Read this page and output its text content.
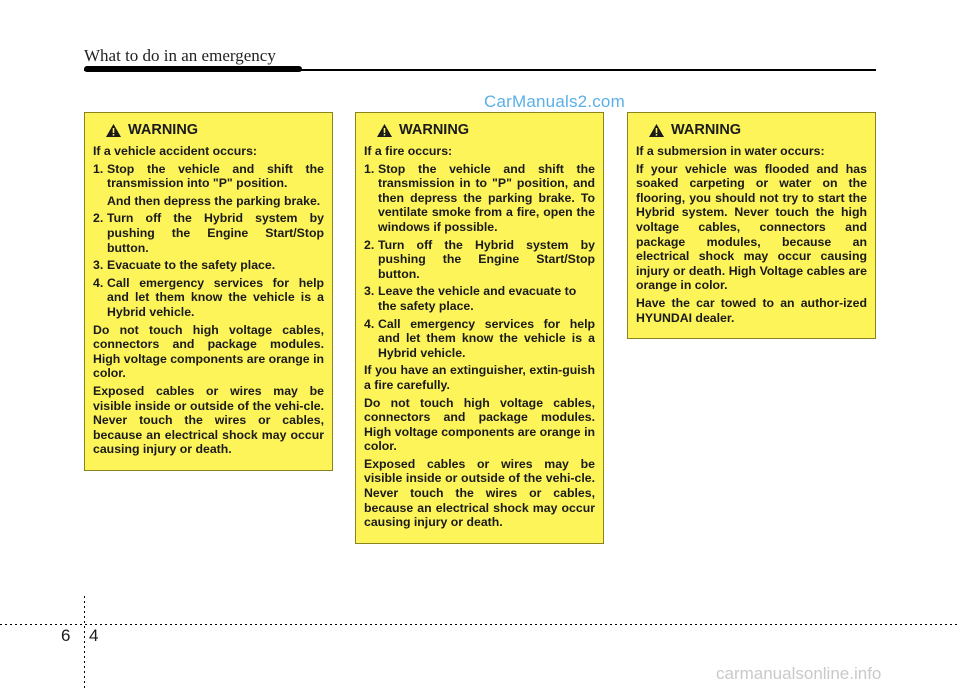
What to do in an emergency
CarManuals2.com
WARNING

If a vehicle accident occurs:

1. Stop the vehicle and shift the transmission into "P" position.
And then depress the parking brake.
2. Turn off the Hybrid system by pushing the Engine Start/Stop button.
3. Evacuate to the safety place.
4. Call emergency services for help and let them know the vehicle is a Hybrid vehicle.

Do not touch high voltage cables, connectors and package modules. High voltage components are orange in color.

Exposed cables or wires may be visible inside or outside of the vehi-cle. Never touch the wires or cables, because an electrical shock may occur causing injury or death.

WARNING

If a fire occurs:

1. Stop the vehicle and shift the transmission in to "P" position, and then depress the parking brake. To ventilate smoke from a fire, open the windows if possible.
2. Turn off the Hybrid system by pushing the Engine Start/Stop button.
3. Leave the vehicle and evacuate to the safety place.
4. Call emergency services for help and let them know the vehicle is a Hybrid vehicle.

If you have an extinguisher, extin-guish a fire carefully.

Do not touch high voltage cables, connectors and package modules. High voltage components are orange in color.

Exposed cables or wires may be visible inside or outside of the vehi-cle. Never touch the wires or cables, because an electrical shock may occur causing injury or death.

WARNING

If a submersion in water occurs:

If your vehicle was flooded and has soaked carpeting or water on the flooring, you should not try to start the Hybrid system. Never touch the high voltage cables, connectors and package modules, because an electrical shock may occur causing injury or death. High Voltage cables are orange in color.

Have the car towed to an author-ized HYUNDAI dealer.

6 4
carmanualsonline.info
